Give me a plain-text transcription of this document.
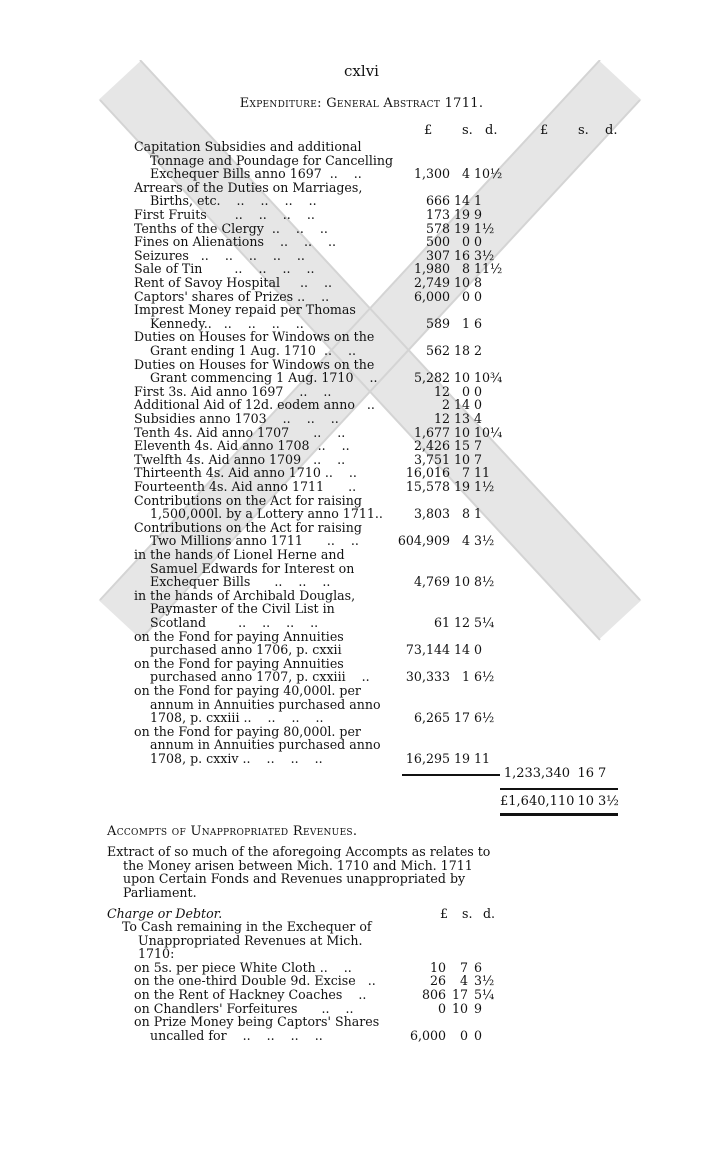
cxlvi
Expenditure: General Abstract 1711.
£ s. d.	£ s. d.
Capitation Subsidies and additional
Tonnage and Poundage for Cancelling
Exchequer Bills anno 1697  ..    ..	1,300 4 10½
Arrears of the Duties on Marriages,
Births, etc.    ..    ..    ..    ..	666 14 1
First Fruits       ..    ..    ..    ..	173 19 9
Tenths of the Clergy  ..    ..    ..	578 19 1½
Fines on Alienations    ..    ..    ..	500 0 0
Seizures   ..    ..    ..    ..    ..	307 16 3½
Sale of Tin        ..    ..    ..    ..	1,980 8 11½
Rent of Savoy Hospital     ..    ..	2,749 10 8
Captors' shares of Prizes ..    ..	6,000 0 0
Imprest Money repaid per Thomas
Kennedy..   ..    ..    ..    ..	589 1 6
Duties on Houses for Windows on the
Grant ending 1 Aug. 1710  ..    ..	562 18 2
Duties on Houses for Windows on the
Grant commencing 1 Aug. 1710    ..	5,282 10 10¾
First 3s. Aid anno 1697    ..    ..	12 0 0
Additional Aid of 12d. eodem anno   ..	2 14 0
Subsidies anno 1703    ..    ..    ..	12 13 4
Tenth 4s. Aid anno 1707      ..    ..	1,677 10 10¼
Eleventh 4s. Aid anno 1708  ..    ..	2,426 15 7
Twelfth 4s. Aid anno 1709   ..    ..	3,751 10 7
Thirteenth 4s. Aid anno 1710 ..    ..	16,016 7 11
Fourteenth 4s. Aid anno 1711      ..	15,578 19 1½
Contributions on the Act for raising
1,500,000l. by a Lottery anno 1711..	3,803 8 1
Contributions on the Act for raising
Two Millions anno 1711      ..    ..	604,909 4 3½
in the hands of Lionel Herne and
Samuel Edwards for Interest on
Exchequer Bills      ..    ..    ..	4,769 10 8½
in the hands of Archibald Douglas,
Paymaster of the Civil List in
Scotland        ..    ..    ..    ..	61 12 5¼
on the Fond for paying Annuities
purchased anno 1706, p. cxxii	73,144 14 0
on the Fond for paying Annuities
purchased anno 1707, p. cxxiii    ..	30,333 1 6½
on the Fond for paying 40,000l. per
annum in Annuities purchased anno
1708, p. cxxiii ..    ..    ..    ..	6,265 17 6½
on the Fond for paying 80,000l. per
annum in Annuities purchased anno
1708, p. cxxiv ..    ..    ..    ..	16,295 19 11
1,233,340 16 7
£1,640,110 10 3½
Accompts of Unappropriated Revenues.
Extract of so much of the aforegoing Accompts as relates to
the Money arisen between Mich. 1710 and Mich. 1711
upon Certain Fonds and Revenues unappropriated by
Parliament.
Charge or Debtor.	£ s. d.
To Cash remaining in the Exchequer of
Unappropriated Revenues at Mich.
1710:
on 5s. per piece White Cloth ..    ..	10	7 6
on the one-third Double 9d. Excise   ..	26	4 3½
on the Rent of Hackney Coaches    ..	806 17 5¼
on Chandlers' Forfeitures      ..    ..	0 10 9
on Prize Money being Captors' Shares
uncalled for    ..    ..    ..    ..	6,000	0 0
